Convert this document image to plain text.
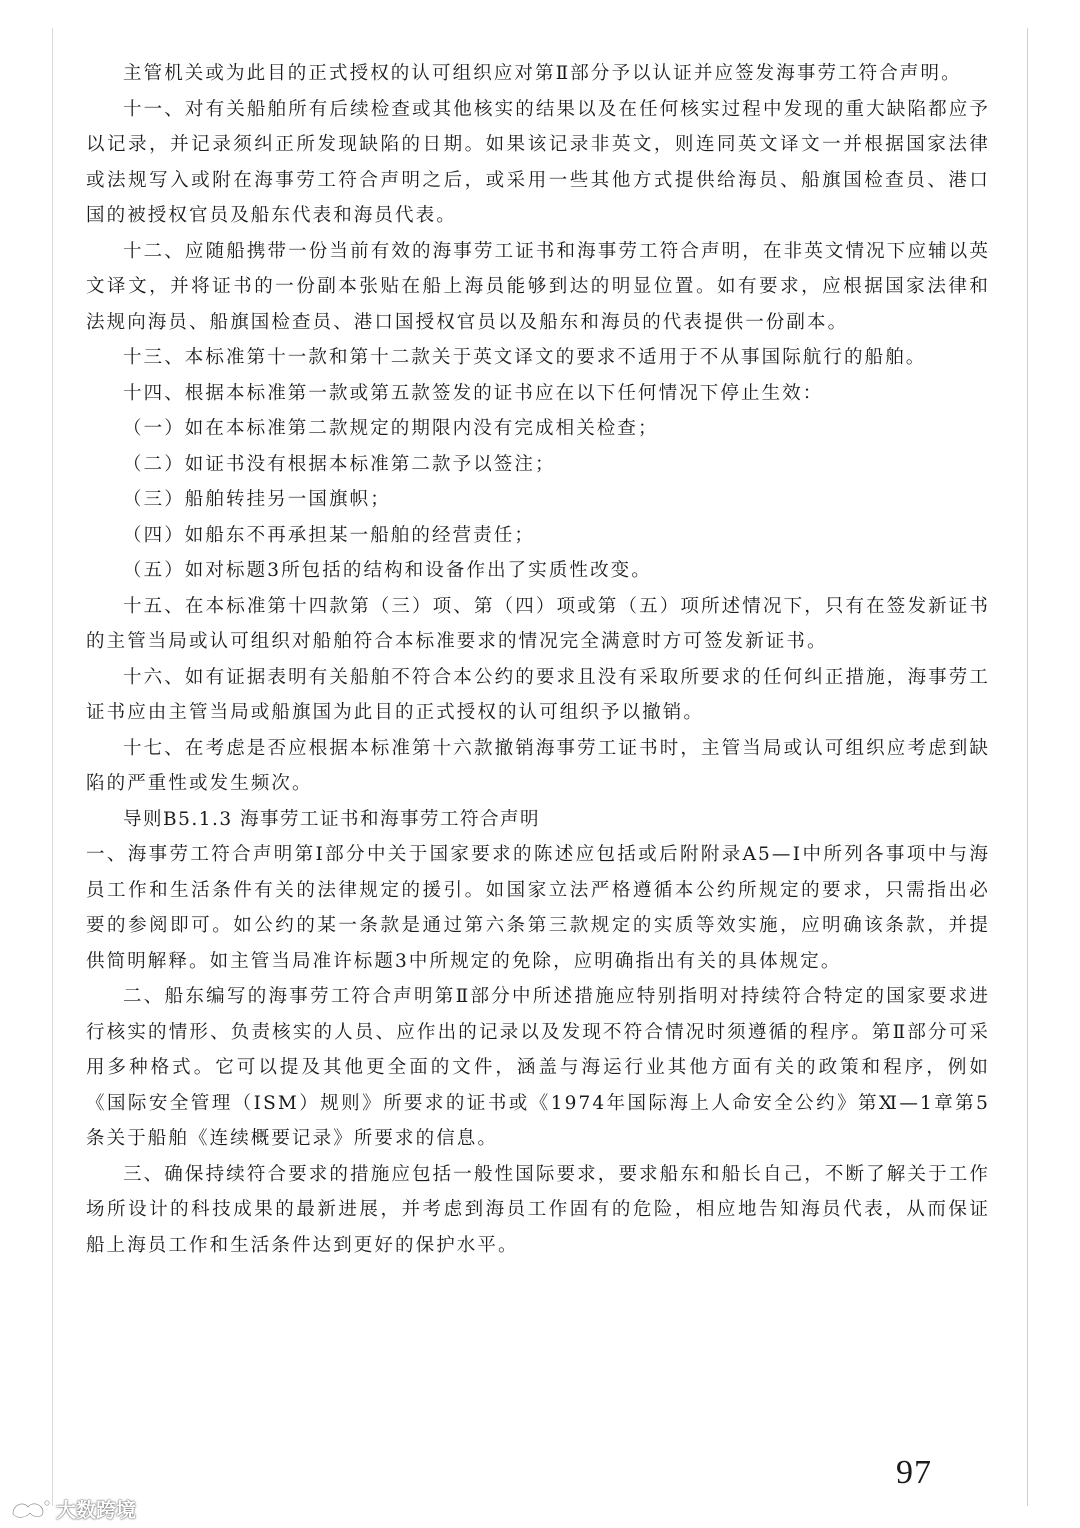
主管机关或为此目的正式授权的认可组织应对第Ⅱ部分予以认证并应签发海事劳工符合声明。

十一、对有关船舶所有后续检查或其他核实的结果以及在任何核实过程中发现的重大缺陷都应予以记录，并记录须纠正所发现缺陷的日期。如果该记录非英文，则连同英文译文一并根据国家法律或法规写入或附在海事劳工符合声明之后，或采用一些其他方式提供给海员、船旗国检查员、港口国的被授权官员及船东代表和海员代表。

十二、应随船携带一份当前有效的海事劳工证书和海事劳工符合声明，在非英文情况下应辅以英文译文，并将证书的一份副本张贴在船上海员能够到达的明显位置。如有要求，应根据国家法律和法规向海员、船旗国检查员、港口国授权官员以及船东和海员的代表提供一份副本。

十三、本标准第十一款和第十二款关于英文译文的要求不适用于不从事国际航行的船舶。

十四、根据本标准第一款或第五款签发的证书应在以下任何情况下停止生效：

（一）如在本标准第二款规定的期限内没有完成相关检查；

（二）如证书没有根据本标准第二款予以签注；

（三）船舶转挂另一国旗帜；

（四）如船东不再承担某一船舶的经营责任；

（五）如对标题3所包括的结构和设备作出了实质性改变。

十五、在本标准第十四款第（三）项、第（四）项或第（五）项所述情况下，只有在签发新证书的主管当局或认可组织对船舶符合本标准要求的情况完全满意时方可签发新证书。

十六、如有证据表明有关船舶不符合本公约的要求且没有采取所要求的任何纠正措施，海事劳工证书应由主管当局或船旗国为此目的正式授权的认可组织予以撤销。

十七、在考虑是否应根据本标准第十六款撤销海事劳工证书时，主管当局或认可组织应考虑到缺陷的严重性或发生频次。

导则B5.1.3 海事劳工证书和海事劳工符合声明

一、海事劳工符合声明第Ⅰ部分中关于国家要求的陈述应包括或后附附录A5—Ⅰ中所列各事项中与海员工作和生活条件有关的法律规定的援引。如国家立法严格遵循本公约所规定的要求，只需指出必要的参阅即可。如公约的某一条款是通过第六条第三款规定的实质等效实施，应明确该条款，并提供简明解释。如主管当局准许标题3中所规定的免除，应明确指出有关的具体规定。

二、船东编写的海事劳工符合声明第Ⅱ部分中所述措施应特别指明对持续符合特定的国家要求进行核实的情形、负责核实的人员、应作出的记录以及发现不符合情况时须遵循的程序。第Ⅱ部分可采用多种格式。它可以提及其他更全面的文件，涵盖与海运行业其他方面有关的政策和程序，例如《国际安全管理（ISM）规则》所要求的证书或《1974年国际海上人命安全公约》第Ⅺ—1章第5条关于船舶《连续概要记录》所要求的信息。

三、确保持续符合要求的措施应包括一般性国际要求，要求船东和船长自己，不断了解关于工作场所设计的科技成果的最新进展，并考虑到海员工作固有的危险，相应地告知海员代表，从而保证船上海员工作和生活条件达到更好的保护水平。

97
大数跨境
